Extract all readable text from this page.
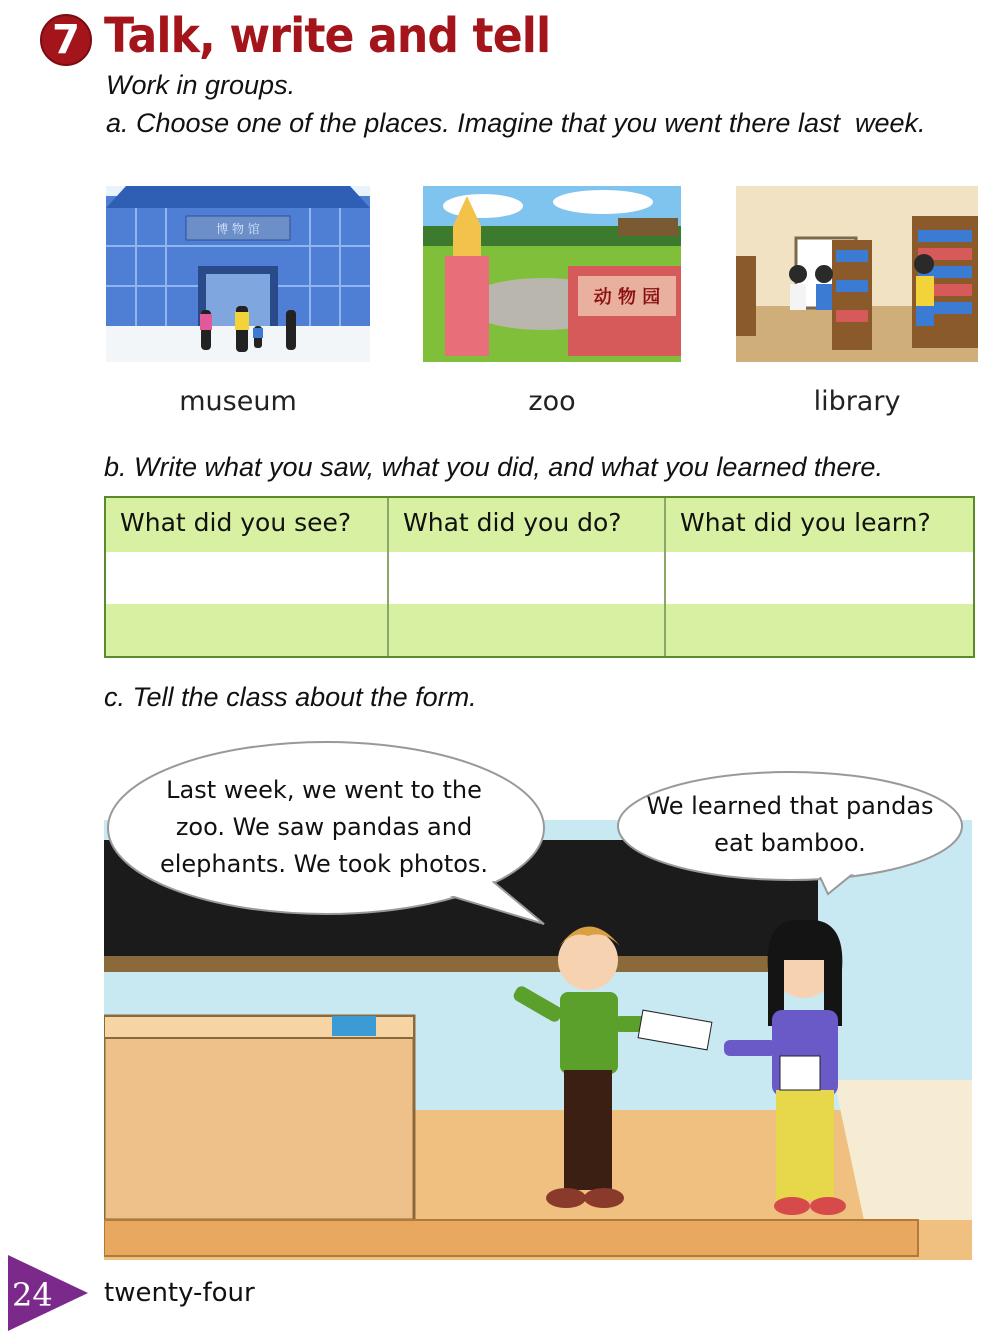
7 Talk, write and tell
Work in groups.
a. Choose one of the places. Imagine that you went there last  week.
博 物 馆
动 物 园
museum	zoo	library
b. Write what you saw, what you did, and what you learned there.
What did you see?	What did you do?	What did you learn?
c. Tell the class about the form.
Last week, we went to the
zoo. We saw pandas and
elephants. We took photos.
We learned that pandas
eat bamboo.
24 twenty-four
